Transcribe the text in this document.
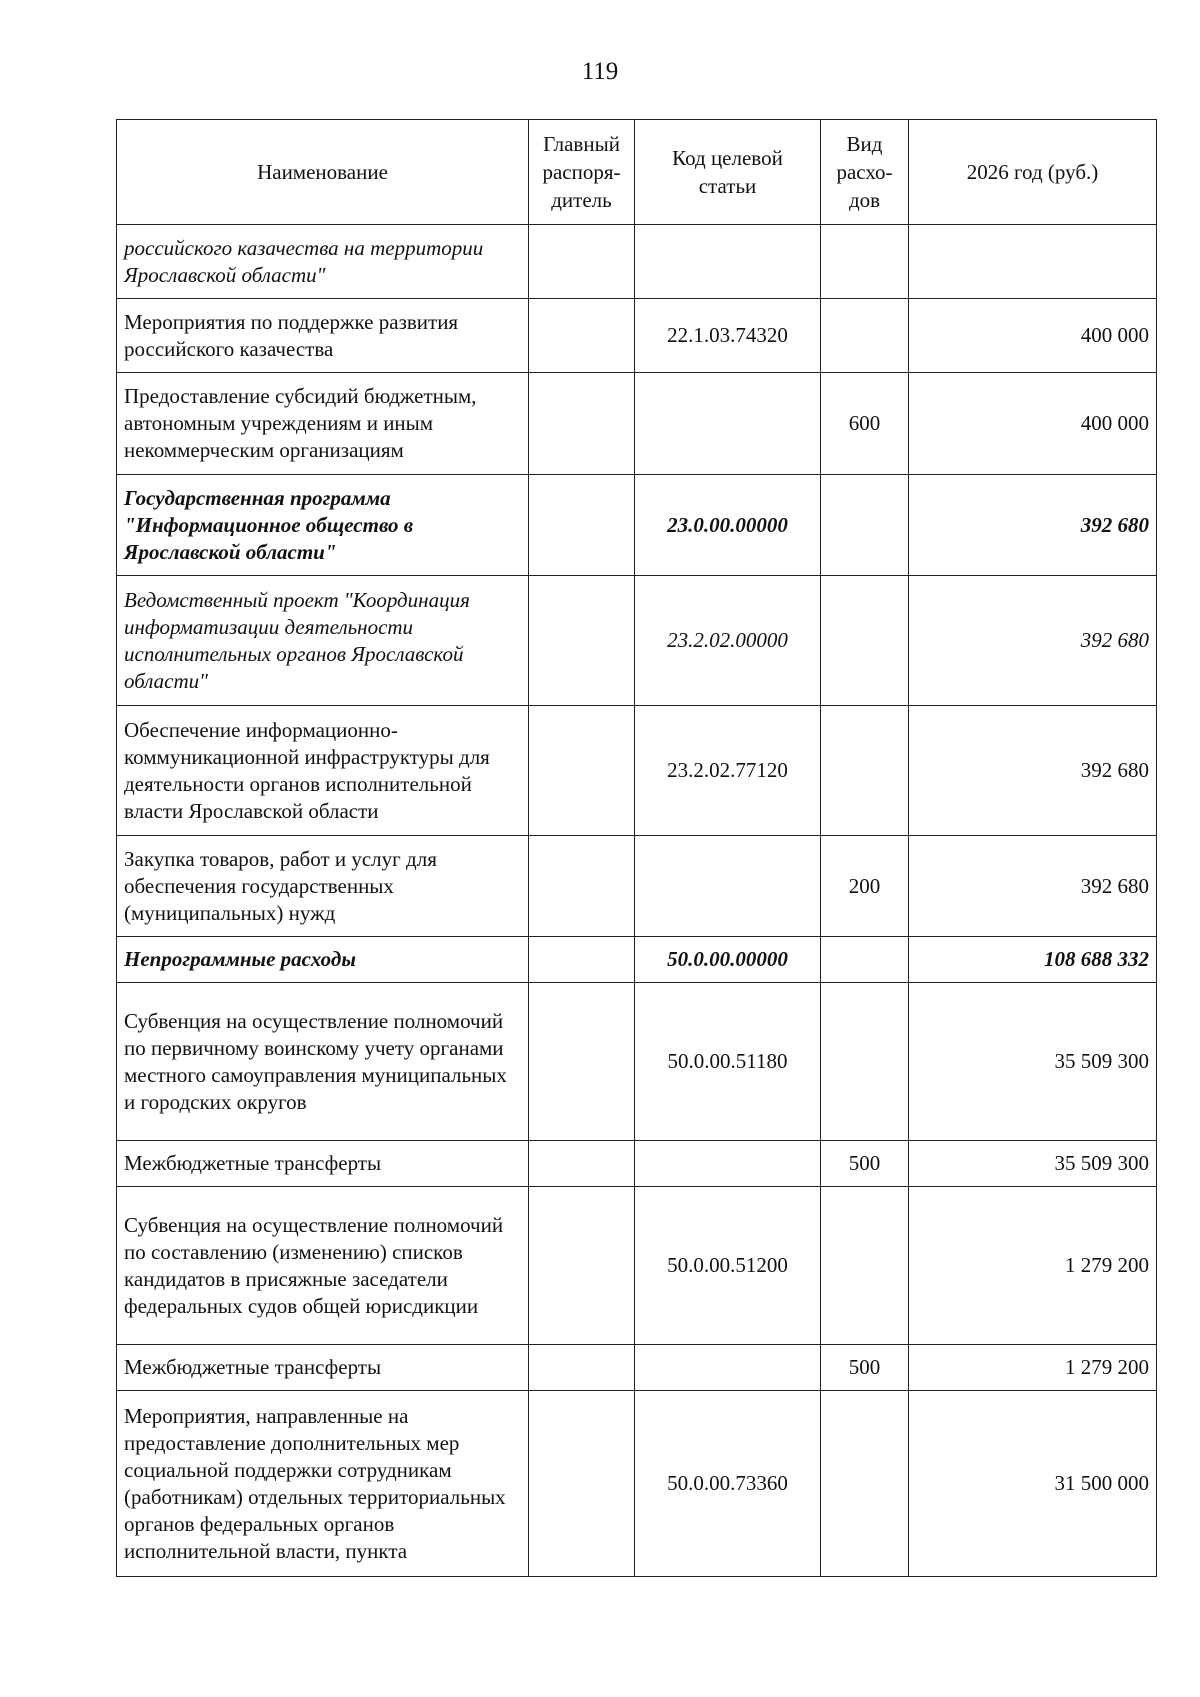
119
Наименование	Главный распоря-дитель	Код целевой статьи	Вид расхо-дов	2026 год (руб.)
российского казачества на территории Ярославской области"				
Мероприятия по поддержке развития российского казачества		22.1.03.74320		400 000
Предоставление субсидий бюджетным, автономным учреждениям и иным некоммерческим организациям			600	400 000
Государственная программа "Информационное общество в Ярославской области"		23.0.00.00000		392 680
Ведомственный проект "Координация информатизации деятельности исполнительных органов Ярославской области"		23.2.02.00000		392 680
Обеспечение информационно-коммуникационной инфраструктуры для деятельности органов исполнительной власти Ярославской области		23.2.02.77120		392 680
Закупка товаров, работ и услуг для обеспечения государственных (муниципальных) нужд			200	392 680
Непрограммные расходы		50.0.00.00000		108 688 332
Субвенция на осуществление полномочий по первичному воинскому учету органами местного самоуправления муниципальных и городских округов		50.0.00.51180		35 509 300
Межбюджетные трансферты			500	35 509 300
Субвенция на осуществление полномочий по составлению (изменению) списков кандидатов в присяжные заседатели федеральных судов общей юрисдикции		50.0.00.51200		1 279 200
Межбюджетные трансферты			500	1 279 200
Мероприятия, направленные на предоставление дополнительных мер социальной поддержки сотрудникам (работникам) отдельных территориальных органов федеральных органов исполнительной власти, пункта		50.0.00.73360		31 500 000
